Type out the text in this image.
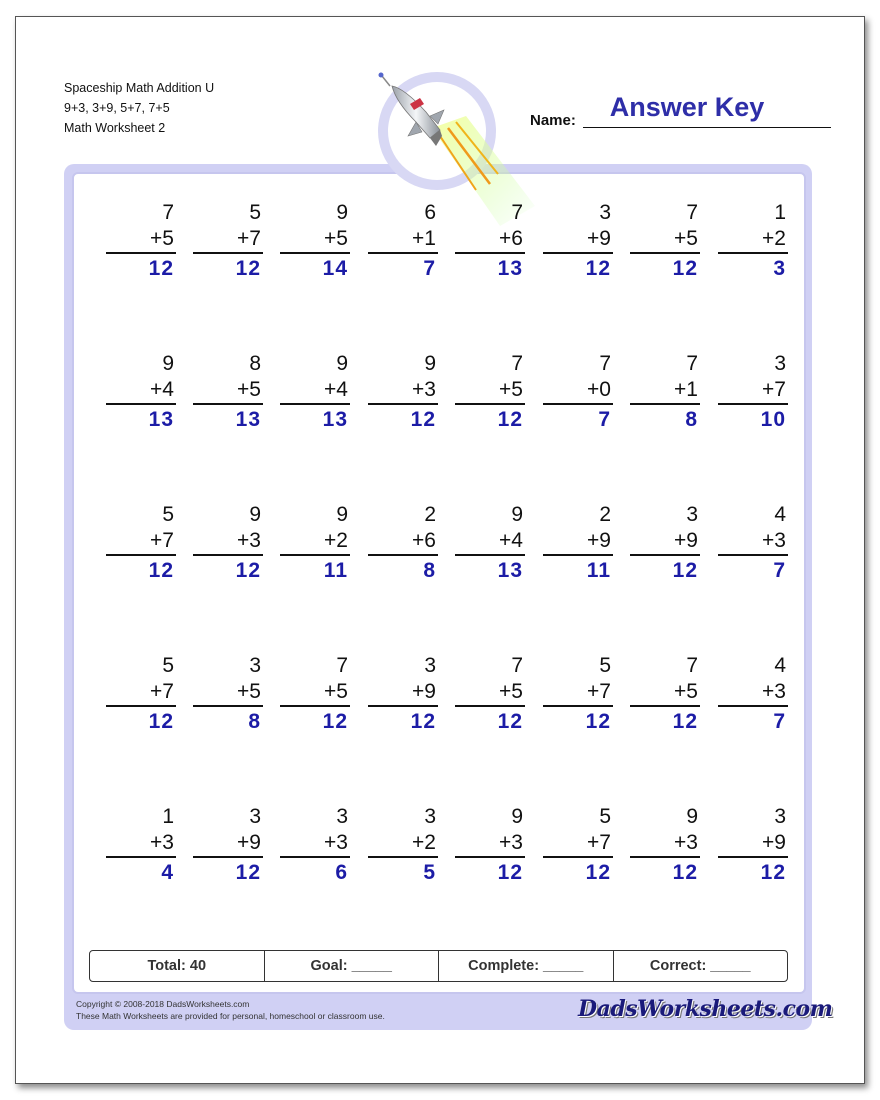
Spaceship Math Addition U
9+3, 3+9, 5+7, 7+5
Math Worksheet 2	Name:	Answer Key
7
+5
12
5
+7
12
9
+5
14
6
+1
7
7
+6
13
3
+9
12
7
+5
12
1
+2
3
9
+4
13
8
+5
13
9
+4
13
9
+3
12
7
+5
12
7
+0
7
7
+1
8
3
+7
10
5
+7
12
9
+3
12
9
+2
11
2
+6
8
9
+4
13
2
+9
11
3
+9
12
4
+3
7
5
+7
12
3
+5
8
7
+5
12
3
+9
12
7
+5
12
5
+7
12
7
+5
12
4
+3
7
1
+3
4
3
+9
12
3
+3
6
3
+2
5
9
+3
12
5
+7
12
9
+3
12
3
+9
12
Total: 40	Goal: _____	Complete: _____	Correct: _____
Copyright © 2008-2018 DadsWorksheets.com
These Math Worksheets are provided for personal, homeschool or classroom use.	DadsWorksheets.com
